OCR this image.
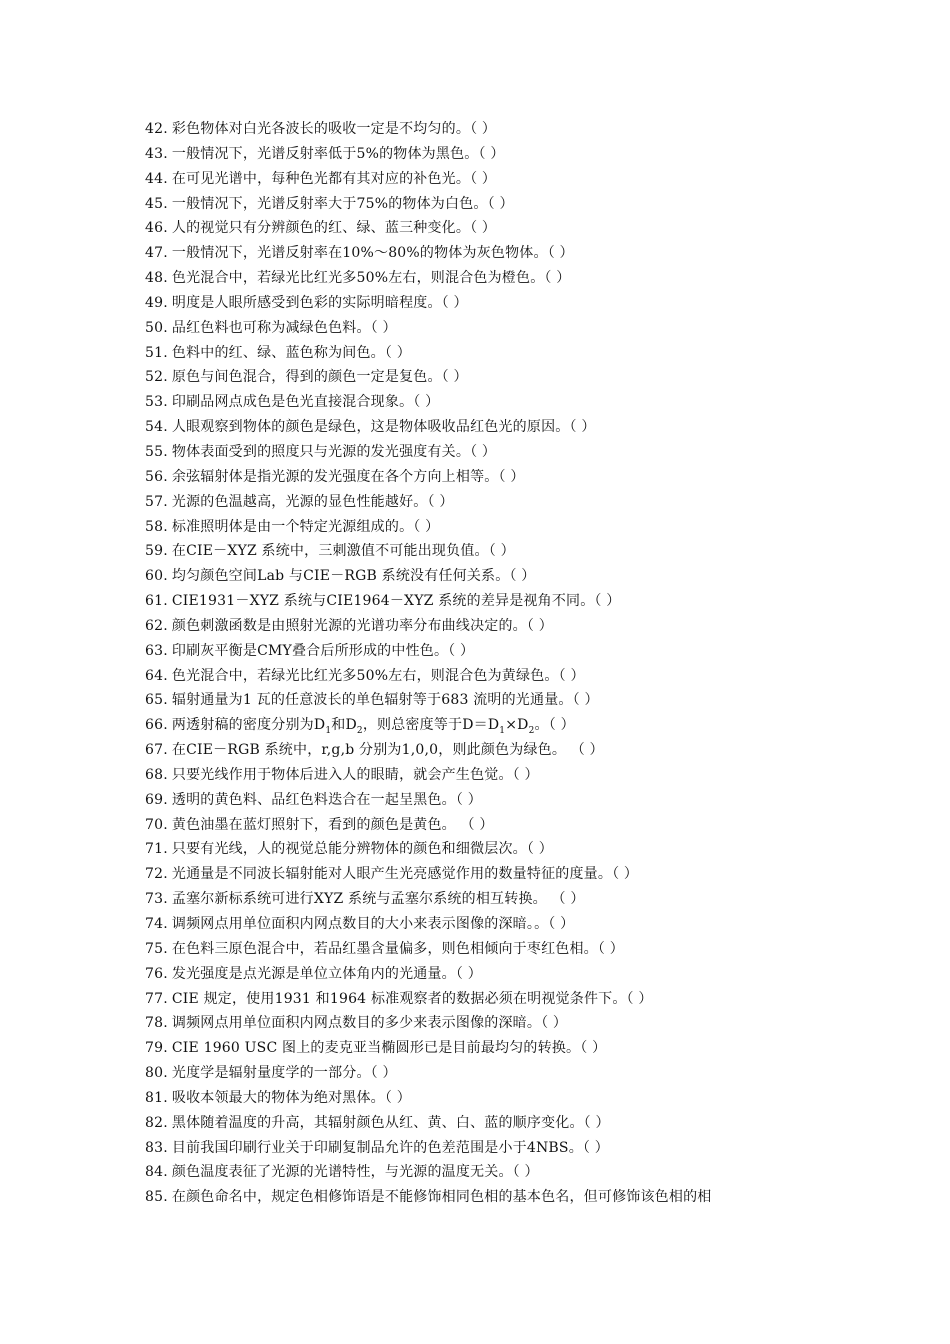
42. 彩色物体对白光各波长的吸收一定是不均匀的。（ ）
43. 一般情况下，光谱反射率低于5%的物体为黑色。（ ）
44. 在可见光谱中，每种色光都有其对应的补色光。（ ）
45. 一般情况下，光谱反射率大于75%的物体为白色。（ ）
46. 人的视觉只有分辨颜色的红、绿、蓝三种变化。（ ）
47. 一般情况下，光谱反射率在10%～80%的物体为灰色物体。（ ）
48. 色光混合中，若绿光比红光多50%左右，则混合色为橙色。（ ）
49. 明度是人眼所感受到色彩的实际明暗程度。（ ）
50. 品红色料也可称为减绿色色料。（ ）
51. 色料中的红、绿、蓝色称为间色。（ ）
52. 原色与间色混合，得到的颜色一定是复色。（ ）
53. 印刷品网点成色是色光直接混合现象。（ ）
54. 人眼观察到物体的颜色是绿色，这是物体吸收品红色光的原因。（ ）
55. 物体表面受到的照度只与光源的发光强度有关。（ ）
56. 余弦辐射体是指光源的发光强度在各个方向上相等。（ ）
57. 光源的色温越高，光源的显色性能越好。（ ）
58. 标准照明体是由一个特定光源组成的。（ ）
59. 在CIE－XYZ 系统中，三刺激值不可能出现负值。（ ）
60. 均匀颜色空间Lab 与CIE－RGB 系统没有任何关系。（ ）
61. CIE1931－XYZ 系统与CIE1964－XYZ 系统的差异是视角不同。（ ）
62. 颜色刺激函数是由照射光源的光谱功率分布曲线决定的。（ ）
63. 印刷灰平衡是CMY叠合后所形成的中性色。（ ）
64. 色光混合中，若绿光比红光多50%左右，则混合色为黄绿色。（ ）
65. 辐射通量为1 瓦的任意波长的单色辐射等于683 流明的光通量。（ ）
66. 两透射稿的密度分别为$D_1$和$D_2$，则总密度等于$D=D_1\times D_2$。（ ）
67. 在CIE－RGB 系统中，r,g,b 分别为1,0,0，则此颜色为绿色。 （ ）
68. 只要光线作用于物体后进入人的眼睛，就会产生色觉。（ ）
69. 透明的黄色料、品红色料迭合在一起呈黑色。（ ）
70. 黄色油墨在蓝灯照射下，看到的颜色是黄色。 （ ）
71. 只要有光线，人的视觉总能分辨物体的颜色和细微层次。（ ）
72. 光通量是不同波长辐射能对人眼产生光亮感觉作用的数量特征的度量。（ ）
73. 孟塞尔新标系统可进行XYZ 系统与孟塞尔系统的相互转换。 （ ）
74. 调频网点用单位面积内网点数目的大小来表示图像的深暗。。（ ）
75. 在色料三原色混合中，若品红墨含量偏多，则色相倾向于枣红色相。（ ）
76. 发光强度是点光源是单位立体角内的光通量。（ ）
77. CIE 规定，使用1931 和1964 标准观察者的数据必须在明视觉条件下。（ ）
78. 调频网点用单位面积内网点数目的多少来表示图像的深暗。（ ）
79. CIE 1960 USC 图上的麦克亚当椭圆形已是目前最均匀的转换。（ ）
80. 光度学是辐射量度学的一部分。（ ）
81. 吸收本领最大的物体为绝对黑体。（ ）
82. 黑体随着温度的升高，其辐射颜色从红、黄、白、蓝的顺序变化。（ ）
83. 目前我国印刷行业关于印刷复制品允许的色差范围是小于4NBS。（ ）
84. 颜色温度表征了光源的光谱特性，与光源的温度无关。（ ）
85. 在颜色命名中，规定色相修饰语是不能修饰相同色相的基本色名，但可修饰该色相的相
